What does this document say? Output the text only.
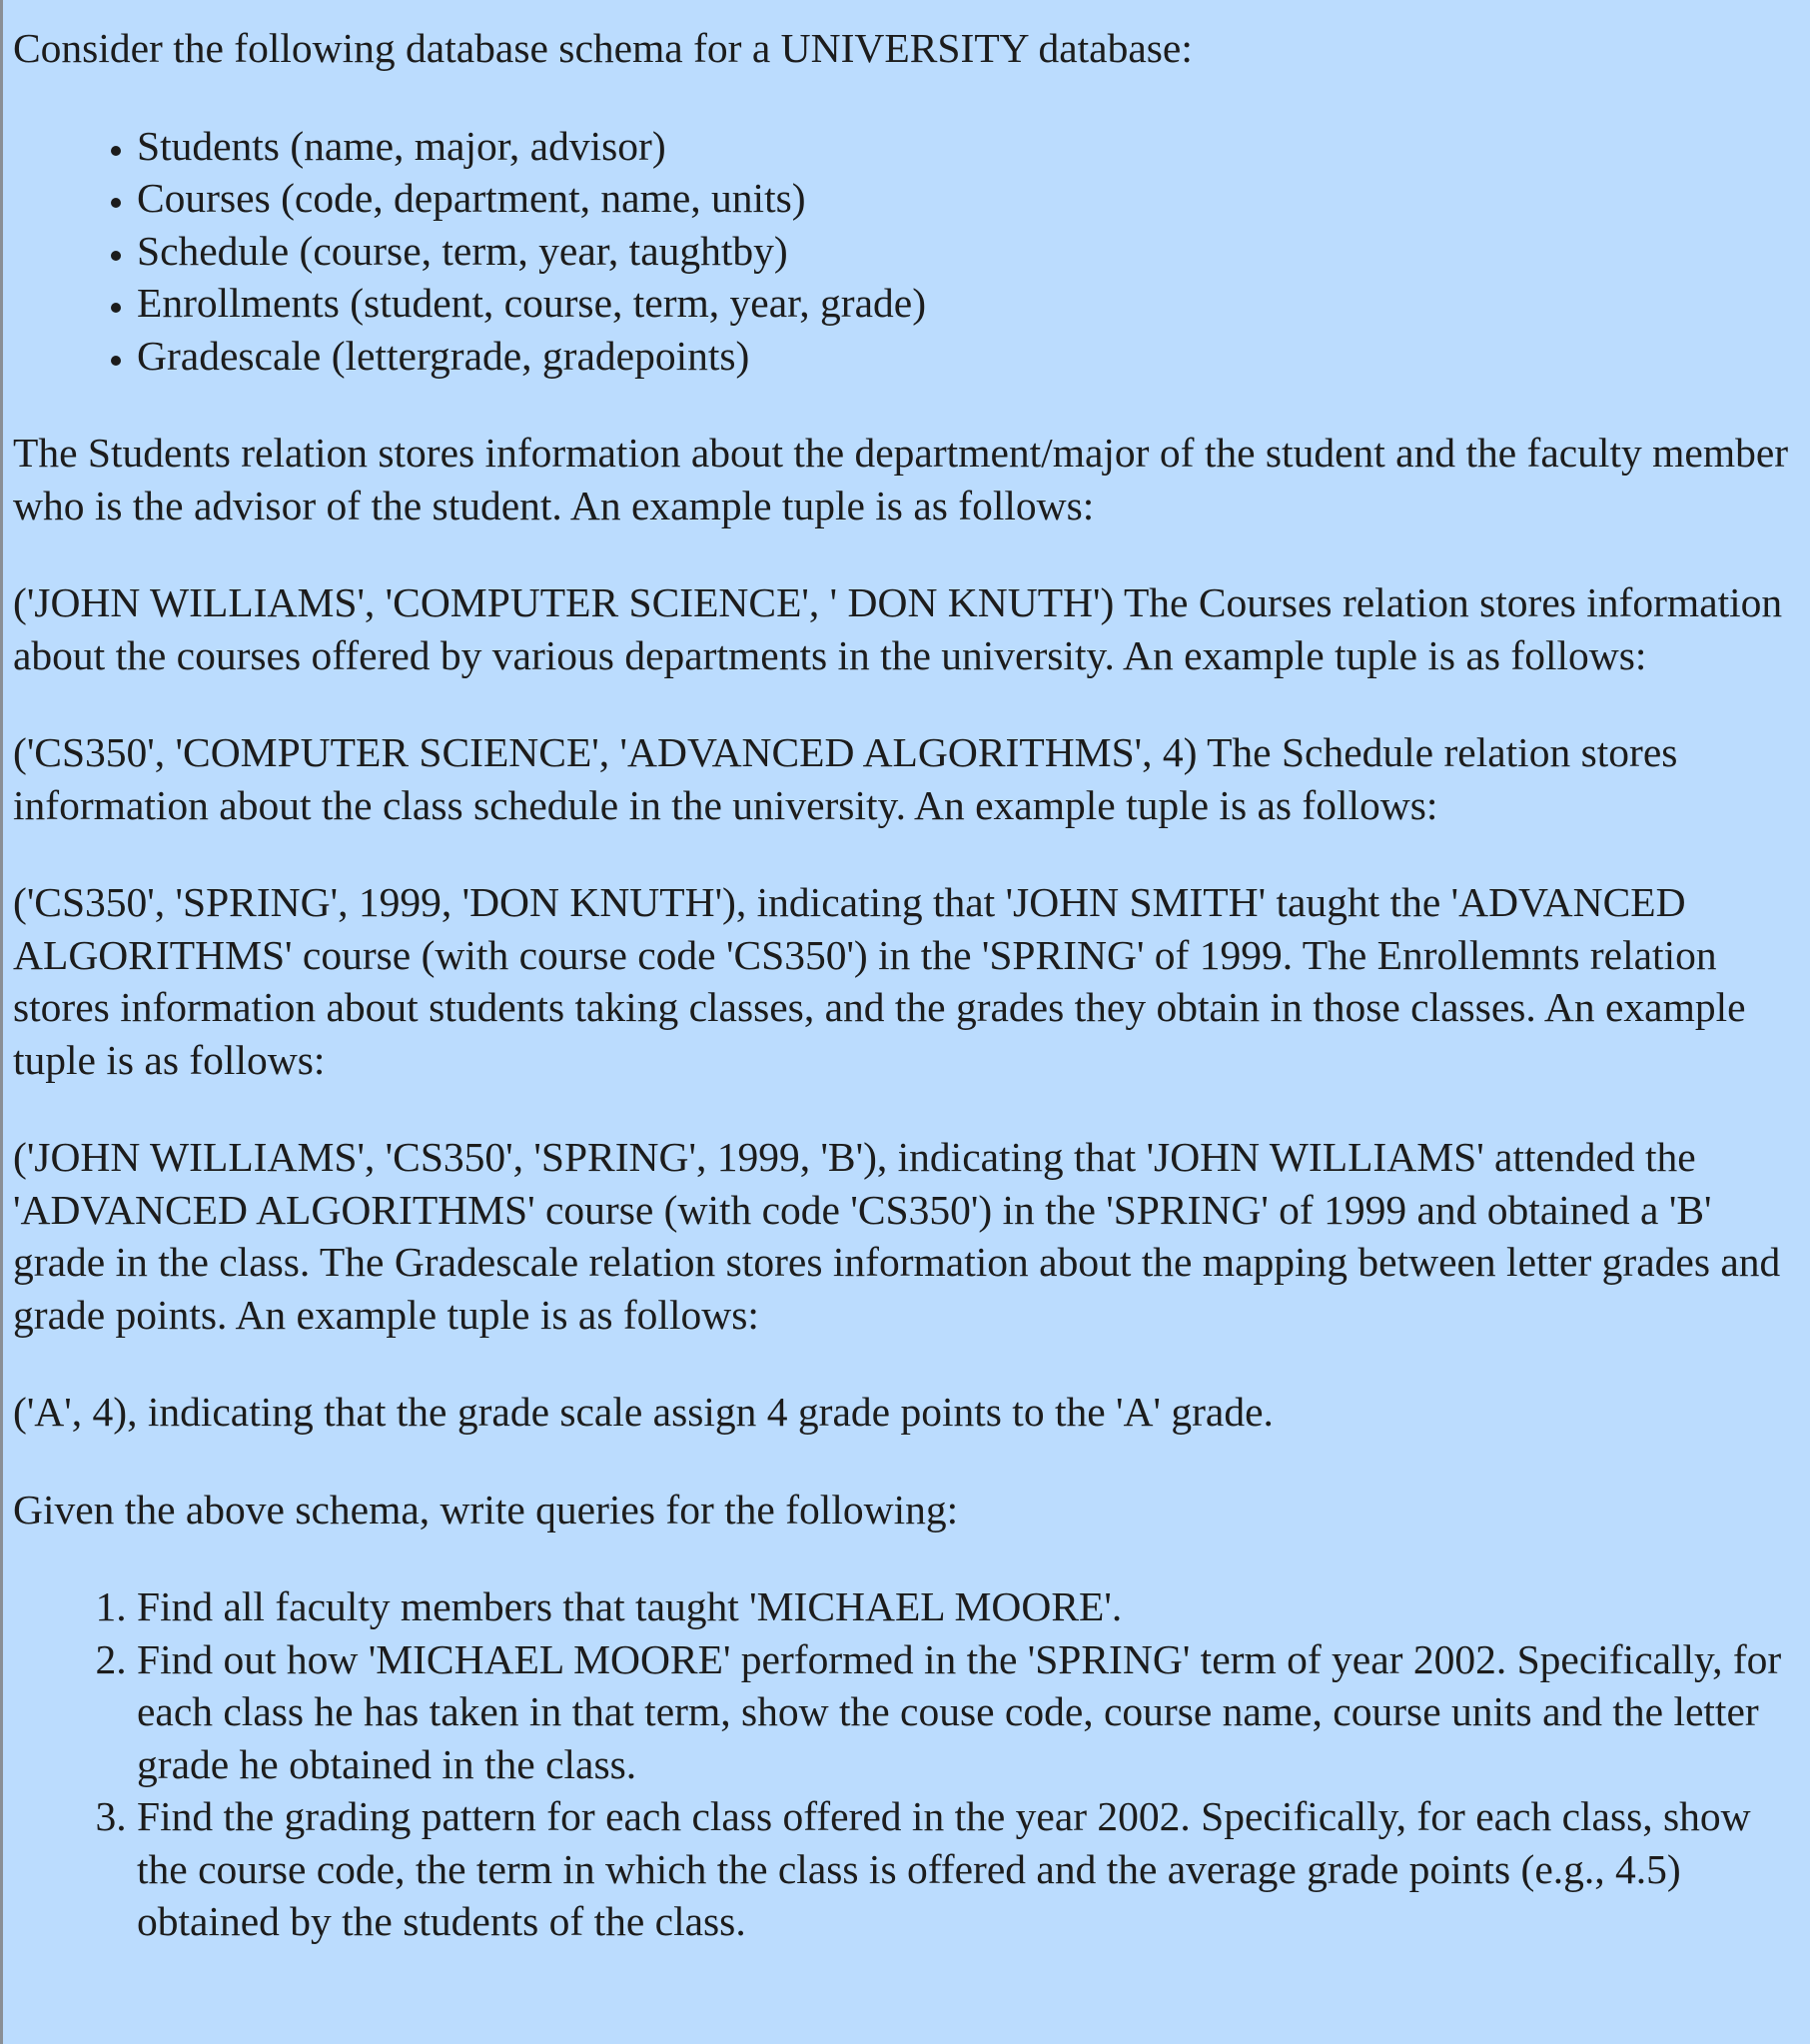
Consider the following database schema for a UNIVERSITY database:

• Students (name, major, advisor)
• Courses (code, department, name, units)
• Schedule (course, term, year, taughtby)
• Enrollments (student, course, term, year, grade)
• Gradescale (lettergrade, gradepoints)

The Students relation stores information about the department/major of the student and the faculty member who is the advisor of the student. An example tuple is as follows:

('JOHN WILLIAMS', 'COMPUTER SCIENCE', ' DON KNUTH') The Courses relation stores information about the courses offered by various departments in the university. An example tuple is as follows:

('CS350', 'COMPUTER SCIENCE', 'ADVANCED ALGORITHMS', 4) The Schedule relation stores information about the class schedule in the university. An example tuple is as follows:

('CS350', 'SPRING', 1999, 'DON KNUTH'), indicating that 'JOHN SMITH' taught the 'ADVANCED ALGORITHMS' course (with course code 'CS350') in the 'SPRING' of 1999. The Enrollemnts relation stores information about students taking classes, and the grades they obtain in those classes. An example tuple is as follows:

('JOHN WILLIAMS', 'CS350', 'SPRING', 1999, 'B'), indicating that 'JOHN WILLIAMS' attended the 'ADVANCED ALGORITHMS' course (with code 'CS350') in the 'SPRING' of 1999 and obtained a 'B' grade in the class. The Gradescale relation stores information about the mapping between letter grades and grade points. An example tuple is as follows:

('A', 4), indicating that the grade scale assign 4 grade points to the 'A' grade.

Given the above schema, write queries for the following:

1. Find all faculty members that taught 'MICHAEL MOORE'.
2. Find out how 'MICHAEL MOORE' performed in the 'SPRING' term of year 2002. Specifically, for each class he has taken in that term, show the couse code, course name, course units and the letter grade he obtained in the class.
3. Find the grading pattern for each class offered in the year 2002. Specifically, for each class, show the course code, the term in which the class is offered and the average grade points (e.g., 4.5) obtained by the students of the class.
